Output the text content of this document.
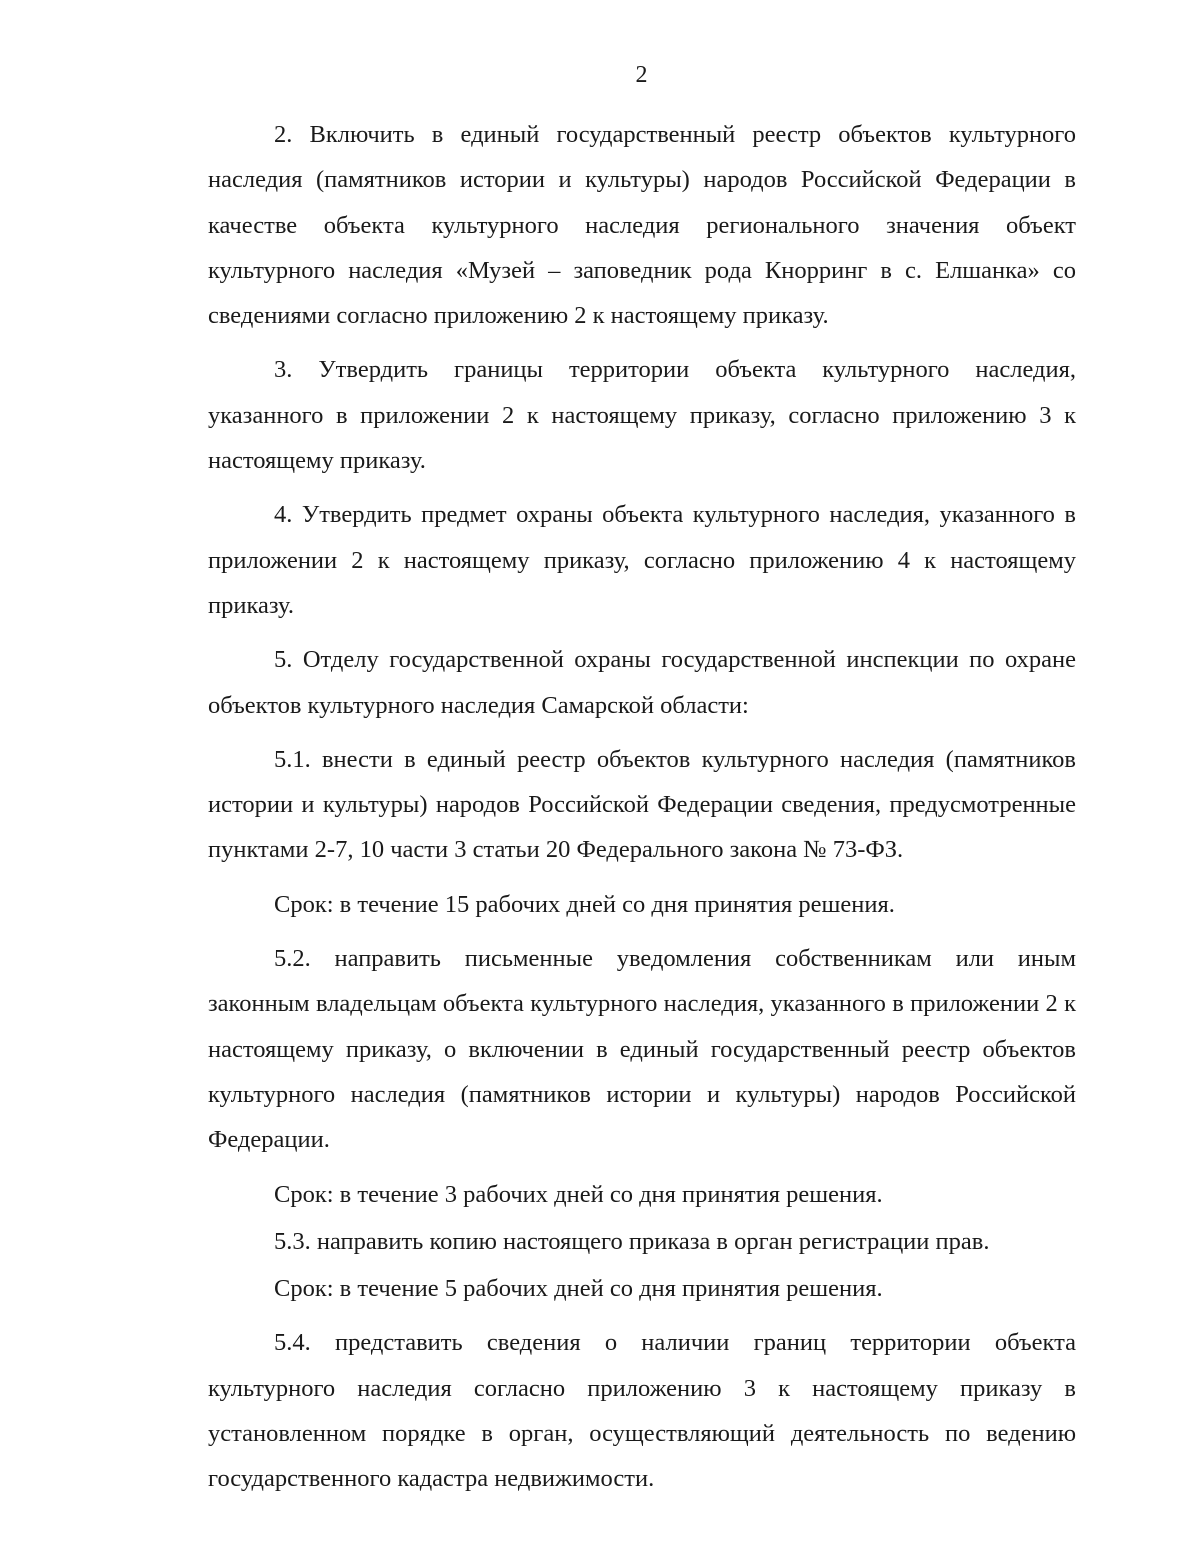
2

2. Включить в единый государственный реестр объектов культурного наследия (памятников истории и культуры) народов Российской Федерации в качестве объекта культурного наследия регионального значения объект культурного наследия «Музей – заповедник рода Кнорринг в с. Елшанка» со сведениями согласно приложению 2 к настоящему приказу.

3. Утвердить границы территории объекта культурного наследия, указанного в приложении 2 к настоящему приказу, согласно приложению 3 к настоящему приказу.

4. Утвердить предмет охраны объекта культурного наследия, указанного в приложении 2 к настоящему приказу, согласно приложению 4 к настоящему приказу.

5. Отделу государственной охраны государственной инспекции по охране объектов культурного наследия Самарской области:

5.1. внести в единый реестр объектов культурного наследия (памятников истории и культуры) народов Российской Федерации сведения, предусмотренные пунктами 2-7, 10 части 3 статьи 20 Федерального закона № 73-ФЗ.

Срок: в течение 15 рабочих дней со дня принятия решения.

5.2. направить письменные уведомления собственникам или иным законным владельцам объекта культурного наследия, указанного в приложении 2 к настоящему приказу, о включении в единый государственный реестр объектов культурного наследия (памятников истории и культуры) народов Российской Федерации.

Срок: в течение 3 рабочих дней со дня принятия решения.

5.3. направить копию настоящего приказа в орган регистрации прав.

Срок: в течение 5 рабочих дней со дня принятия решения.

5.4. представить сведения о наличии границ территории объекта культурного наследия согласно приложению 3 к настоящему приказу в установленном порядке в орган, осуществляющий деятельность по ведению государственного кадастра недвижимости.
